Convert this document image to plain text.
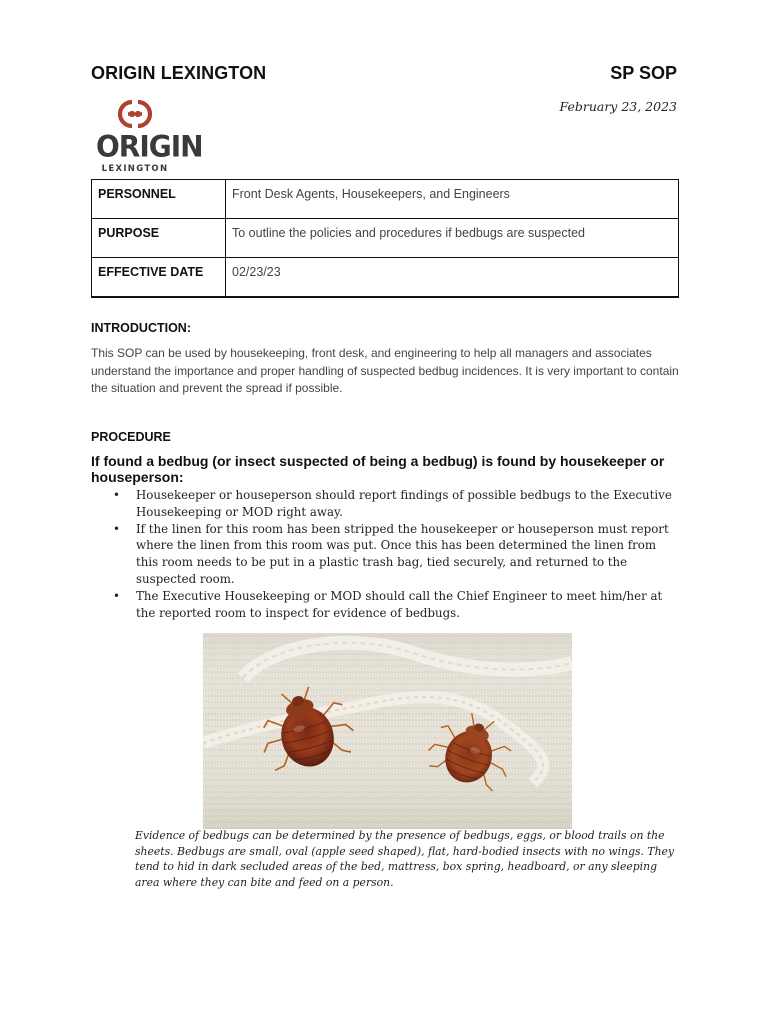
ORIGIN LEXINGTON	SP SOP
February 23, 2023
ORIGIN
LEXINGTON
PERSONNEL	Front Desk Agents, Housekeepers, and Engineers
PURPOSE	To outline the policies and procedures if bedbugs are suspected
EFFECTIVE DATE	02/23/23
INTRODUCTION:
This SOP can be used by housekeeping, front desk, and engineering to help all managers and associates understand the importance and proper handling of suspected bedbug incidences. It is very important to contain the situation and prevent the spread if possible.
PROCEDURE
If found a bedbug (or insect suspected of being a bedbug) is found by housekeeper or houseperson:
• Housekeeper or houseperson should report findings of possible bedbugs to the Executive Housekeeping or MOD right away.
• If the linen for this room has been stripped the housekeeper or houseperson must report where the linen from this room was put. Once this has been determined the linen from this room needs to be put in a plastic trash bag, tied securely, and returned to the suspected room.
• The Executive Housekeeping or MOD should call the Chief Engineer to meet him/her at the reported room to inspect for evidence of bedbugs.
Evidence of bedbugs can be determined by the presence of bedbugs, eggs, or blood trails on the sheets. Bedbugs are small, oval (apple seed shaped), flat, hard-bodied insects with no wings. They tend to hid in dark secluded areas of the bed, mattress, box spring, headboard, or any sleeping area where they can bite and feed on a person.
